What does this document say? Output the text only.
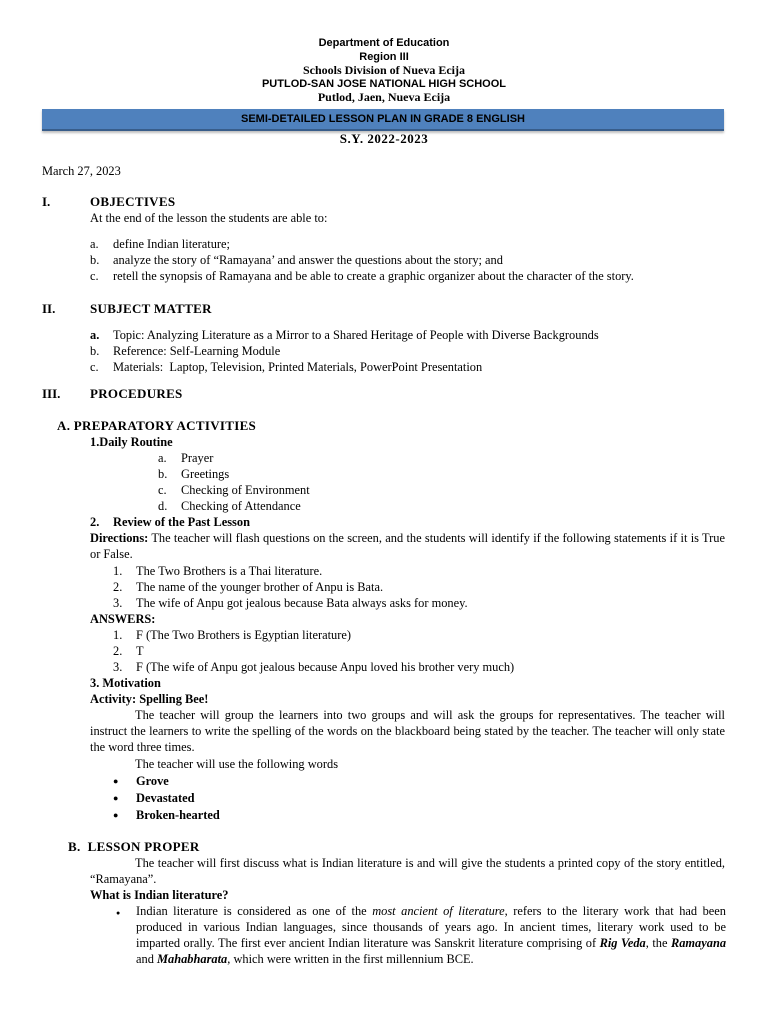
Department of Education
Region III
Schools Division of Nueva Ecija
PUTLOD-SAN JOSE NATIONAL HIGH SCHOOL
Putlod, Jaen, Nueva Ecija
SEMI-DETAILED LESSON PLAN IN GRADE 8 ENGLISH
S.Y. 2022-2023
March 27, 2023
I.	OBJECTIVES
At the end of the lesson the students are able to:
a. define Indian literature;
b. analyze the story of “Ramayana’ and answer the questions about the story; and
c. retell the synopsis of Ramayana and be able to create a graphic organizer about the character of the story.
II.	SUBJECT MATTER
a. Topic: Analyzing Literature as a Mirror to a Shared Heritage of People with Diverse Backgrounds
b. Reference: Self-Learning Module
c. Materials:  Laptop, Television, Printed Materials, PowerPoint Presentation
III. PROCEDURES
A. PREPARATORY ACTIVITIES
1.Daily Routine
a. Prayer
b. Greetings
c. Checking of Environment
d. Checking of Attendance
2. Review of the Past Lesson
Directions: The teacher will flash questions on the screen, and the students will identify if the following statements if it is True or False.
1. The Two Brothers is a Thai literature.
2. The name of the younger brother of Anpu is Bata.
3. The wife of Anpu got jealous because Bata always asks for money.
ANSWERS:
1. F (The Two Brothers is Egyptian literature)
2. T
3. F (The wife of Anpu got jealous because Anpu loved his brother very much)
3. Motivation
Activity: Spelling Bee!
The teacher will group the learners into two groups and will ask the groups for representatives. The teacher will instruct the learners to write the spelling of the words on the blackboard being stated by the teacher. The teacher will only state the word three times.
The teacher will use the following words
● Grove
● Devastated
● Broken-hearted
B.  LESSON PROPER
The teacher will first discuss what is Indian literature is and will give the students a printed copy of the story entitled, “Ramayana”.
What is Indian literature?
● Indian literature is considered as one of the most ancient of literature, refers to the literary work that had been produced in various Indian languages, since thousands of years ago. In ancient times, literary work used to be imparted orally. The first ever ancient Indian literature was Sanskrit literature comprising of Rig Veda, the Ramayana and Mahabharata, which were written in the first millennium BCE.
